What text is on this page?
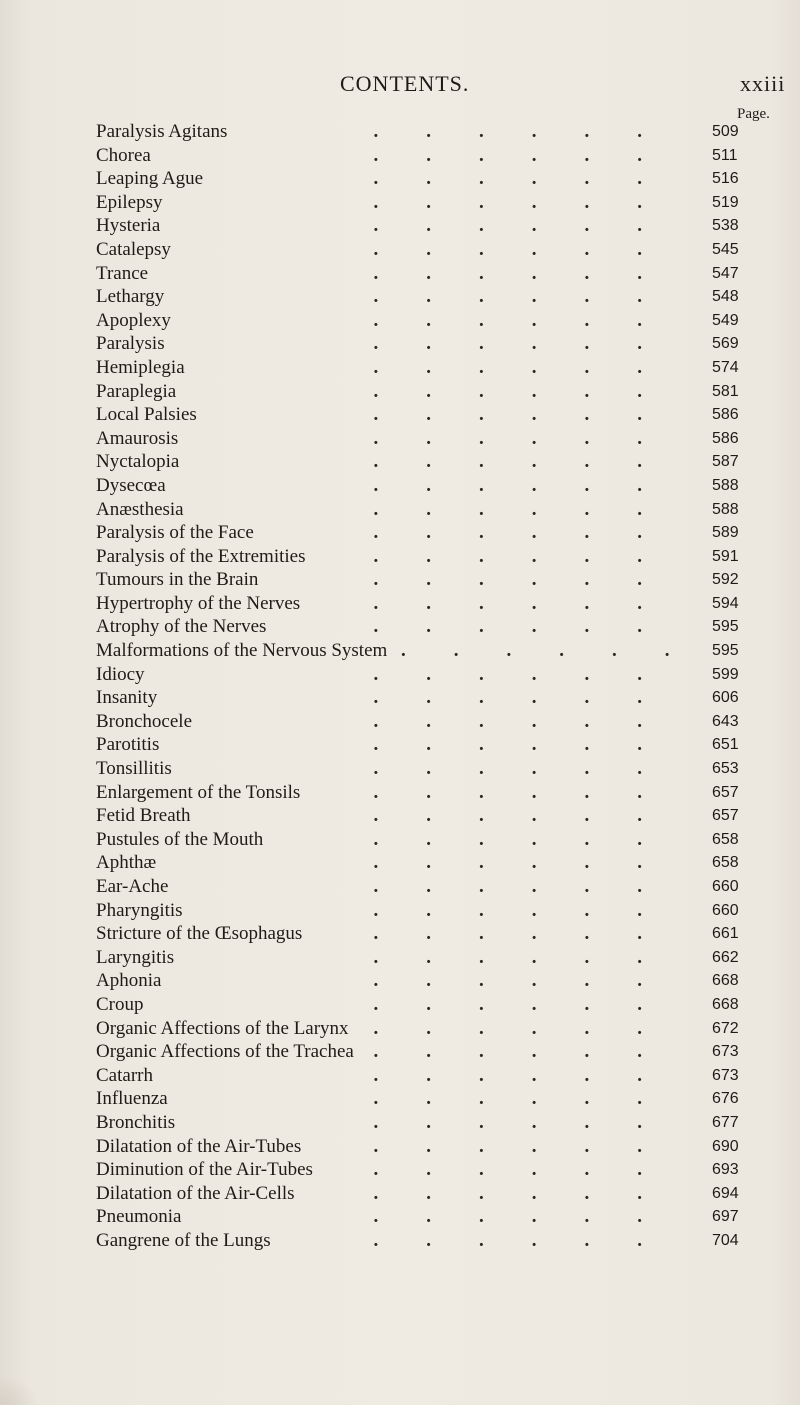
CONTENTS.	xxiii
Page.
......
Paralysis Agitans	509
......
Chorea	511
......
Leaping Ague	516
......
Epilepsy	519
......
Hysteria	538
......
Catalepsy	545
......
Trance	547
......
Lethargy	548
......
Apoplexy	549
......
Paralysis	569
......
Hemiplegia	574
......
Paraplegia	581
......
Local Palsies	586
......
Amaurosis	586
......
Nyctalopia	587
......
Dysecœa	588
......
Anæsthesia	588
......
Paralysis of the Face	589
......
Paralysis of the Extremities	591
......
Tumours in the Brain	592
......
Hypertrophy of the Nerves	594
......
Atrophy of the Nerves	595
......
Malformations of the Nervous System	595
......
Idiocy	599
......
Insanity	606
......
Bronchocele	643
......
Parotitis	651
......
Tonsillitis	653
......
Enlargement of the Tonsils	657
......
Fetid Breath	657
......
Pustules of the Mouth	658
......
Aphthæ	658
......
Ear-Ache	660
......
Pharyngitis	660
......
Stricture of the Œsophagus	661
......
Laryngitis	662
......
Aphonia	668
......
Croup	668
......
Organic Affections of the Larynx	672
......
Organic Affections of the Trachea	673
......
Catarrh	673
......
Influenza	676
......
Bronchitis	677
......
Dilatation of the Air-Tubes	690
......
Diminution of the Air-Tubes	693
......
Dilatation of the Air-Cells	694
......
Pneumonia	697
......
Gangrene of the Lungs	704
